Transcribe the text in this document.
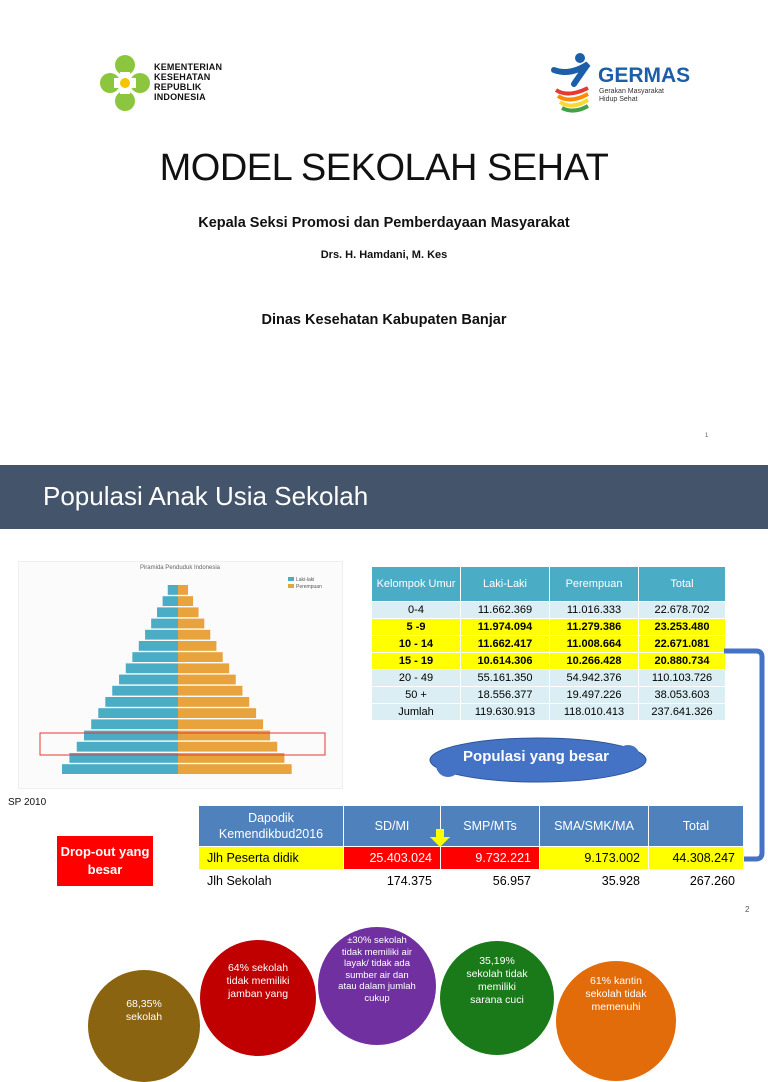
KEMENTERIAN
KESEHATAN
REPUBLIK
INDONESIA
GERMAS
Gerakan Masyarakat
Hidup Sehat
MODEL SEKOLAH SEHAT
Kepala Seksi Promosi dan Pemberdayaan Masyarakat
Drs. H. Hamdani, M. Kes
Dinas Kesehatan Kabupaten Banjar
1
Populasi Anak Usia Sekolah
Piramida Penduduk Indonesia
Laki-laki
Perempuan
SP 2010
Kelompok Umur	Laki-Laki	Perempuan	Total
0-4	11.662.369	11.016.333	22.678.702
5 -9	11.974.094	11.279.386	23.253.480
10 - 14	11.662.417	11.008.664	22.671.081
15 - 19	10.614.306	10.266.428	20.880.734
20 - 49	55.161.350	54.942.376	110.103.726
50 +	18.556.377	19.497.226	38.053.603
Jumlah	119.630.913	118.010.413	237.641.326
Populasi yang besar
Dapodik Kemendikbud2016	SD/MI	SMP/MTs	SMA/SMK/MA	Total
Jlh Peserta didik	25.403.024	9.732.221	9.173.002	44.308.247
Jlh Sekolah	174.375	56.957	35.928	267.260
Drop-out yang besar
2
68,35% sekolah
64% sekolah tidak memiliki jamban yang
±30% sekolah tidak memiliki air layak/ tidak ada sumber air dan atau dalam jumlah cukup
35,19% sekolah tidak memiliki sarana cuci
61% kantin sekolah tidak memenuhi
